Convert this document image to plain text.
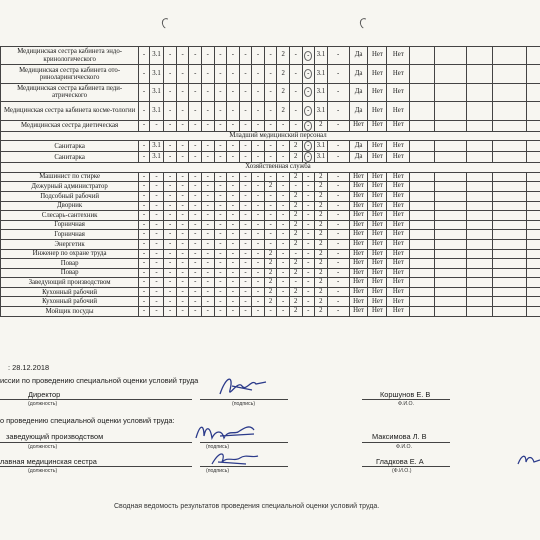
Медицинская сестра кабинета эндо-кринологического	-	3.1	-	-	-	-	-	-	-	-	-	2	-	-	3.1	-	Да	Нет	Нет					
Медицинская сестра кабинета ото-риноларингического	-	3.1	-	-	-	-	-	-	-	-	-	2	-	-	3.1	-	Да	Нет	Нет					
Медицинская сестра кабинета педи-атрического	-	3.1	-	-	-	-	-	-	-	-	-	2	-	-	3.1	-	Да	Нет	Нет					
Медицинская сестра кабинета косме-тологии	-	3.1	-	-	-	-	-	-	-	-	-	2	-	-	3.1	-	Да	Нет	Нет					
Медицинская сестра диетическая	-	-	-	-	-	-	-	-	-	-	-	-	-	-	2	-	Нет	Нет	Нет					
Младший медицинский персонал																								
Санитарка	-	3.1	-	-	-	-	-	-	-	-	-	-	2	-	3.1	-	Да	Нет	Нет					
Санитарка	-	3.1	-	-	-	-	-	-	-	-	-	-	2	-	3.1	-	Да	Нет	Нет					
Хозяйственная служба																								
Машинист по стирке	-	-	-	-	-	-	-	-	-	-	-	-	2	-	2	-	Нет	Нет	Нет					
Дежурный администратор	-	-	-	-	-	-	-	-	-	-	2	-	-	-	2	-	Нет	Нет	Нет					
Подсобный рабочий	-	-	-	-	-	-	-	-	-	-	-	-	2	-	2	-	Нет	Нет	Нет					
Дворник	-	-	-	-	-	-	-	-	-	-	-	-	2	-	2	-	Нет	Нет	Нет					
Слесарь-сантехник	-	-	-	-	-	-	-	-	-	-	-	-	2	-	2	-	Нет	Нет	Нет					
Горничная	-	-	-	-	-	-	-	-	-	-	-	-	2	-	2	-	Нет	Нет	Нет					
Горничная	-	-	-	-	-	-	-	-	-	-	-	-	2	-	2	-	Нет	Нет	Нет					
Энергетик	-	-	-	-	-	-	-	-	-	-	-	-	2	-	2	-	Нет	Нет	Нет					
Инженер по охране труда	-	-	-	-	-	-	-	-	-	-	2	-	-	-	2	-	Нет	Нет	Нет					
Повар	-	-	-	-	-	-	-	-	-	-	2	-	2	-	2	-	Нет	Нет	Нет					
Повар	-	-	-	-	-	-	-	-	-	-	2	-	2	-	2	-	Нет	Нет	Нет					
Заведующий производством	-	-	-	-	-	-	-	-	-	-	2	-	-	-	2	-	Нет	Нет	Нет					
Кухонный рабочий	-	-	-	-	-	-	-	-	-	-	2	-	2	-	2	-	Нет	Нет	Нет					
Кухонный рабочий	-	-	-	-	-	-	-	-	-	-	2	-	2	-	2	-	Нет	Нет	Нет					
Мойщик посуды	-	-	-	-	-	-	-	-	-	-	-	-	2	-	2	-	Нет	Нет	Нет					
: 28.12.2018
иссии по проведению специальной оценки условий труда
Директор
(должность)	(подпись)
Коршунов Е. В
Ф.И.О.
о проведению специальной оценки условий труда:
заведующий производством
(должность)	(подпись)
Максимова Л. В
Ф.И.О.
лавная медицинская сестра
(должность)	(подпись)
Гладкова Е. А
(Ф.И.О.)
Сводная ведомость результатов проведения специальной оценки условий труда.
